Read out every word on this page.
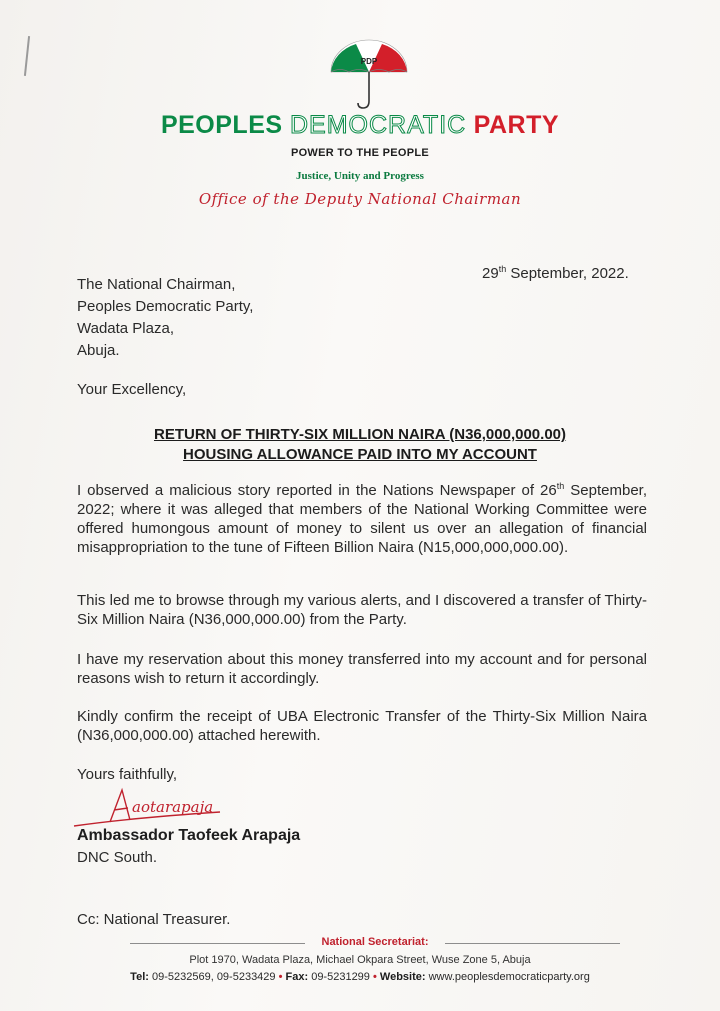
PDP
PEOPLES DEMOCRATIC PARTY
POWER TO THE PEOPLE
Justice, Unity and Progress
Office of the Deputy National Chairman
29th September, 2022.
The National Chairman,
Peoples Democratic Party,
Wadata Plaza,
Abuja.
Your Excellency,
RETURN OF THIRTY-SIX MILLION NAIRA (N36,000,000.00)
HOUSING ALLOWANCE PAID INTO MY ACCOUNT
I observed a malicious story reported in the Nations Newspaper of 26th September, 2022; where it was alleged that members of the National Working Committee were offered humongous amount of money to silent us over an allegation of financial misappropriation to the tune of Fifteen Billion Naira (N15,000,000,000.00).
This led me to browse through my various alerts, and I discovered a transfer of Thirty-Six Million Naira (N36,000,000.00) from the Party.
I have my reservation about this money transferred into my account and for personal reasons wish to return it accordingly.
Kindly confirm the receipt of UBA Electronic Transfer of the Thirty-Six Million Naira (N36,000,000.00) attached herewith.
Yours faithfully,
aotarapaja
Ambassador Taofeek Arapaja
DNC South.
Cc: National Treasurer.
National Secretariat:
Plot 1970, Wadata Plaza, Michael Okpara Street, Wuse Zone 5, Abuja
Tel: 09-5232569, 09-5233429 • Fax: 09-5231299 • Website: www.peoplesdemocraticparty.org
